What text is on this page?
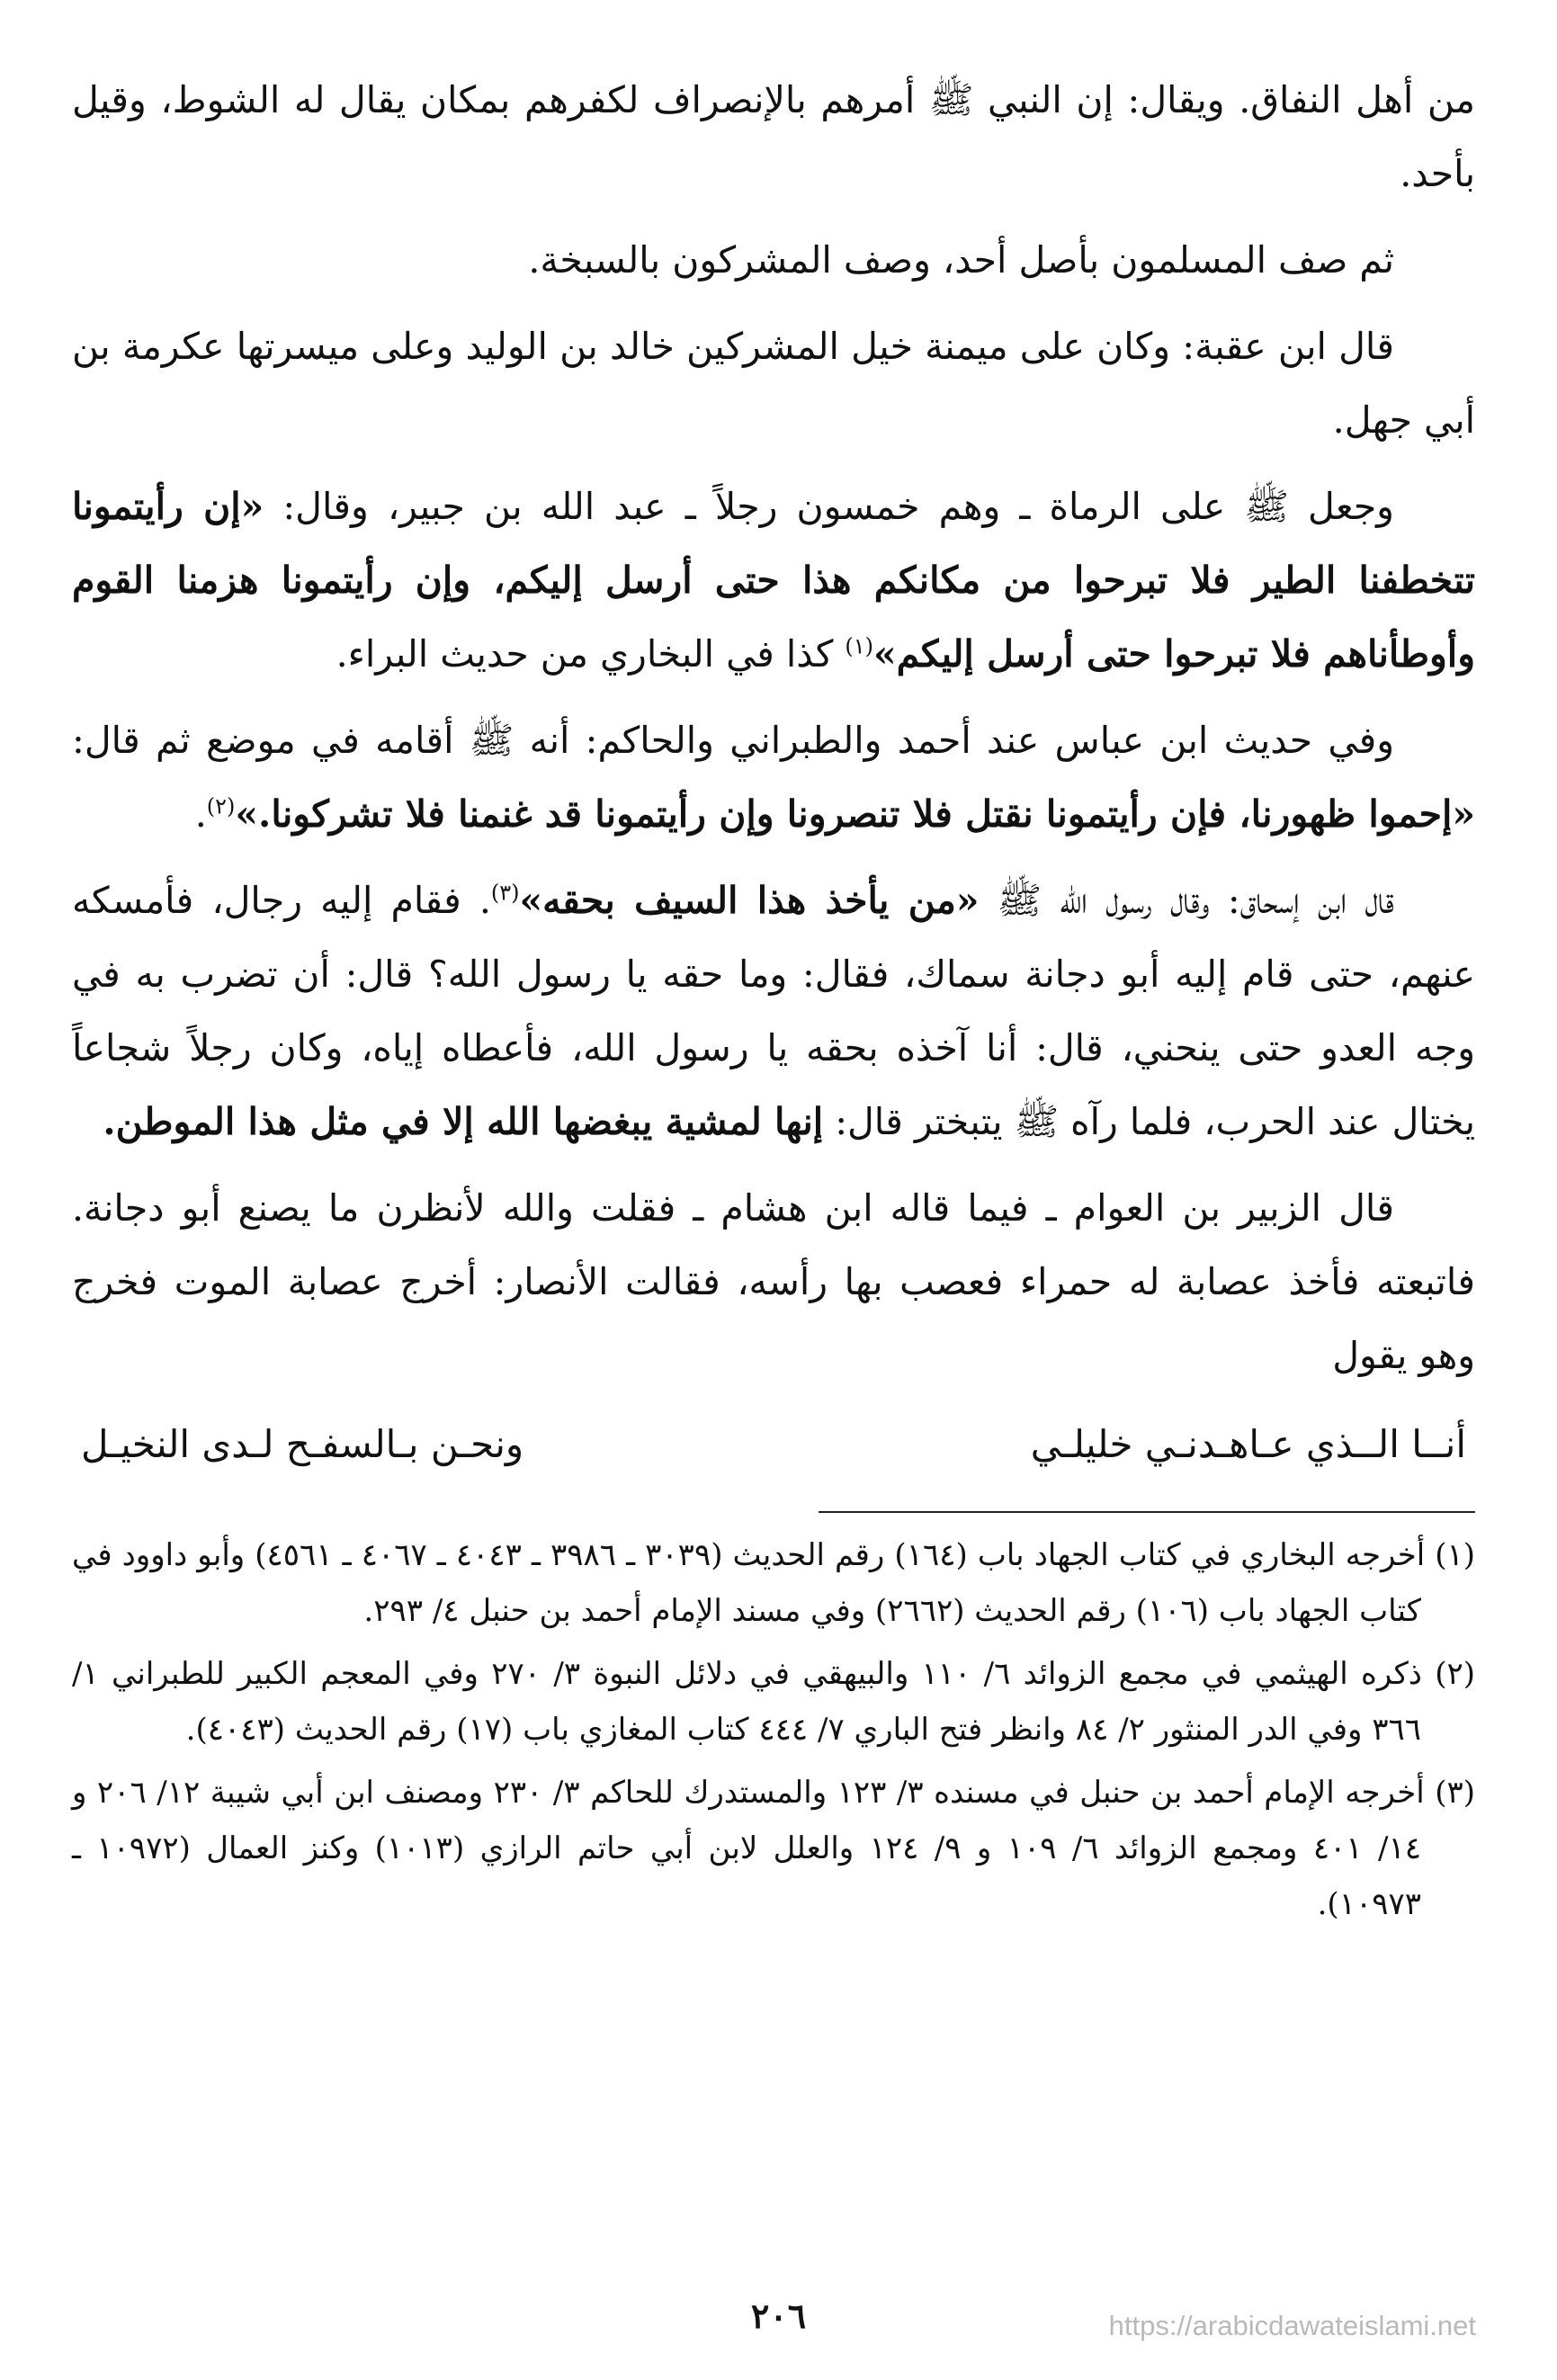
من أهل النفاق. ويقال: إن النبي ﷺ أمرهم بالإنصراف لكفرهم بمكان يقال له الشوط، وقيل بأحد.

ثم صف المسلمون بأصل أحد، وصف المشركون بالسبخة.

قال ابن عقبة: وكان على ميمنة خيل المشركين خالد بن الوليد وعلى ميسرتها عكرمة بن أبي جهل.

وجعل ﷺ على الرماة ـ وهم خمسون رجلاً ـ عبد الله بن جبير، وقال: «إن رأيتمونا تتخطفنا الطير فلا تبرحوا من مكانكم هذا حتى أرسل إليكم، وإن رأيتمونا هزمنا القوم وأوطأناهم فلا تبرحوا حتى أرسل إليكم»$^{(١)}$ كذا في البخاري من حديث البراء.

وفي حديث ابن عباس عند أحمد والطبراني والحاكم: أنه ﷺ أقامه في موضع ثم قال: «إحموا ظهورنا، فإن رأيتمونا نقتل فلا تنصرونا وإن رأيتمونا قد غنمنا فلا تشركونا.»$^{(٢)}$.

قال ابن إسحاق: وقال رسول الله ﷺ «من يأخذ هذا السيف بحقه»$^{(٣)}$. فقام إليه رجال، فأمسكه عنهم، حتى قام إليه أبو دجانة سماك، فقال: وما حقه يا رسول الله؟ قال: أن تضرب به في وجه العدو حتى ينحني، قال: أنا آخذه بحقه يا رسول الله، فأعطاه إياه، وكان رجلاً شجاعاً يختال عند الحرب، فلما رآه ﷺ يتبختر قال: إنها لمشية يبغضها الله إلا في مثل هذا الموطن.

قال الزبير بن العوام ـ فيما قاله ابن هشام ـ فقلت والله لأنظرن ما يصنع أبو دجانة. فاتبعته فأخذ عصابة له حمراء فعصب بها رأسه، فقالت الأنصار: أخرج عصابة الموت فخرج وهو يقول

أنــا الــذي عـاهـدنـي خليلـي
ونحـن بـالسفـح لـدى النخيـل

(١) أخرجه البخاري في كتاب الجهاد باب (١٦٤) رقم الحديث (٣٠٣٩ ـ ٣٩٨٦ ـ ٤٠٤٣ ـ ٤٠٦٧ ـ ٤٥٦١) وأبو داوود في كتاب الجهاد باب (١٠٦) رقم الحديث (٢٦٦٢) وفي مسند الإمام أحمد بن حنبل ٤/ ٢٩٣.

(٢) ذكره الهيثمي في مجمع الزوائد ٦/ ١١٠ والبيهقي في دلائل النبوة ٣/ ٢٧٠ وفي المعجم الكبير للطبراني ١/ ٣٦٦ وفي الدر المنثور ٢/ ٨٤ وانظر فتح الباري ٧/ ٤٤٤ كتاب المغازي باب (١٧) رقم الحديث (٤٠٤٣).

(٣) أخرجه الإمام أحمد بن حنبل في مسنده ٣/ ١٢٣ والمستدرك للحاكم ٣/ ٢٣٠ ومصنف ابن أبي شيبة ١٢/ ٢٠٦ و ١٤/ ٤٠١ ومجمع الزوائد ٦/ ١٠٩ و ٩/ ١٢٤ والعلل لابن أبي حاتم الرازي (١٠١٣) وكنز العمال (١٠٩٧٢ ـ ١٠٩٧٣).

٢٠٦	https://arabicdawateislami.net
